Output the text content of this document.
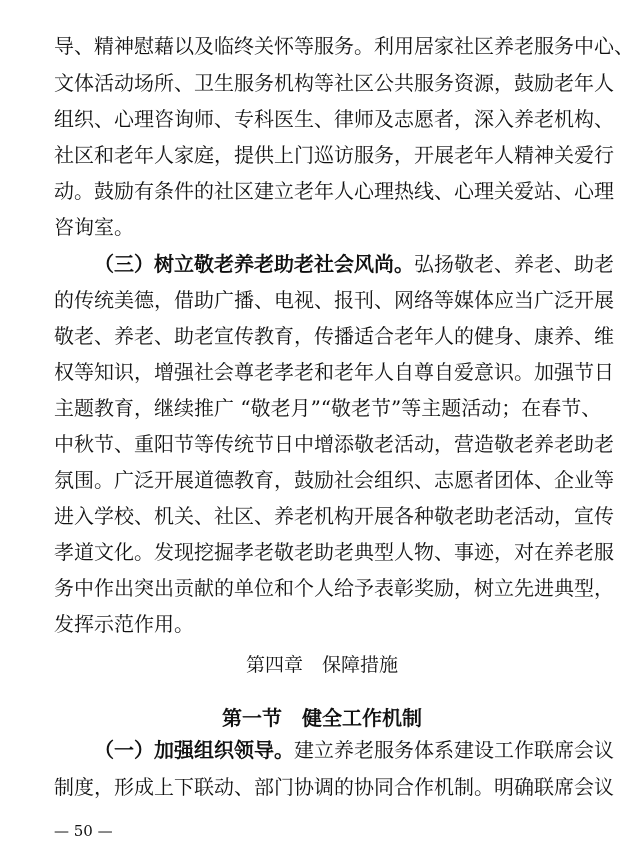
导、精神慰藉以及临终关怀等服务。利用居家社区养老服务中心、
文体活动场所、卫生服务机构等社区公共服务资源，鼓励老年人
组织、心理咨询师、专科医生、律师及志愿者，深入养老机构、
社区和老年人家庭，提供上门巡访服务，开展老年人精神关爱行
动。鼓励有条件的社区建立老年人心理热线、心理关爱站、心理
咨询室。
（三）树立敬老养老助老社会风尚。弘扬敬老、养老、助老
的传统美德，借助广播、电视、报刊、网络等媒体应当广泛开展
敬老、养老、助老宣传教育，传播适合老年人的健身、康养、维
权等知识，增强社会尊老孝老和老年人自尊自爱意识。加强节日
主题教育，继续推广 “敬老月”“敬老节”等主题活动；在春节、
中秋节、重阳节等传统节日中增添敬老活动，营造敬老养老助老
氛围。广泛开展道德教育，鼓励社会组织、志愿者团体、企业等
进入学校、机关、社区、养老机构开展各种敬老助老活动，宣传
孝道文化。发现挖掘孝老敬老助老典型人物、事迹，对在养老服
务中作出突出贡献的单位和个人给予表彰奖励，树立先进典型，
发挥示范作用。
第四章　保障措施
第一节　健全工作机制
（一）加强组织领导。建立养老服务体系建设工作联席会议
制度，形成上下联动、部门协调的协同合作机制。明确联席会议
— 50 —
